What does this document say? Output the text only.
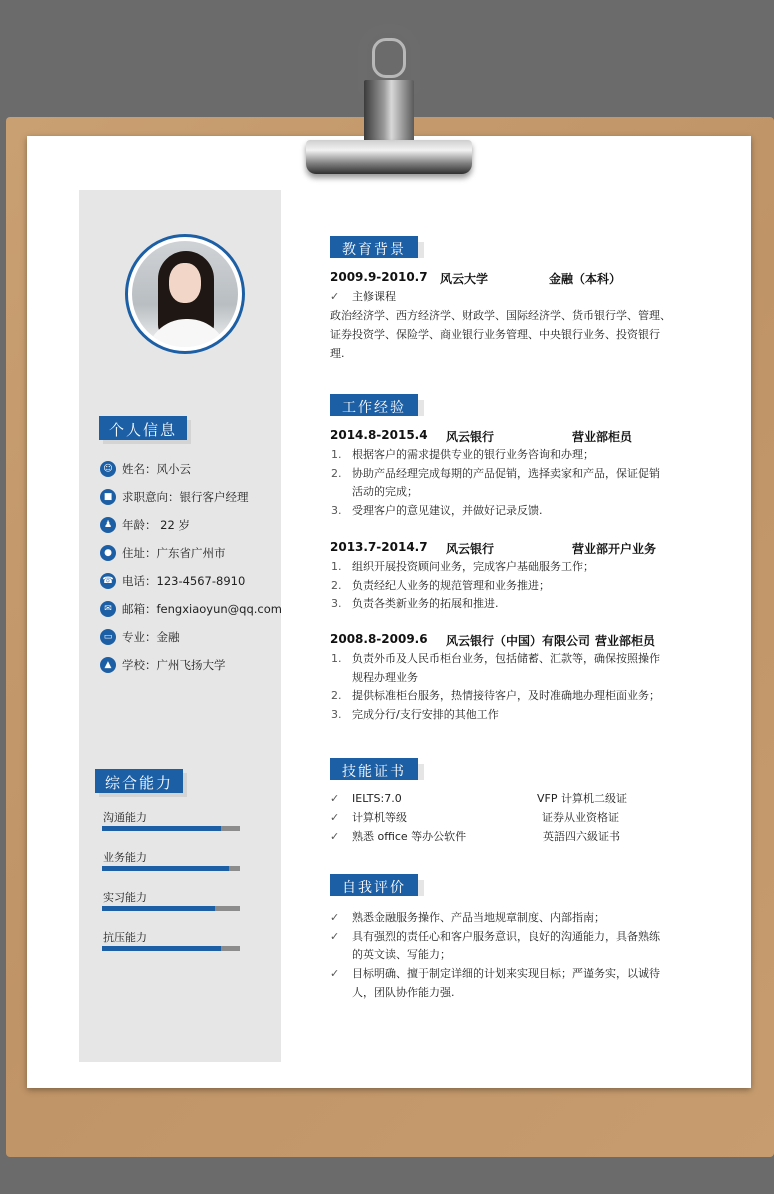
个人信息
☺ 姓名：风小云
■ 求职意向：银行客户经理
♟ 年龄： 22 岁
● 住址：广东省广州市
☎ 电话：123-4567-8910
✉ 邮箱：fengxiaoyun@qq.com
▭ 专业：金融
▲ 学校：广州飞扬大学
综合能力
沟通能力
业务能力
实习能力
抗压能力
教育背景
2009.9-2010.7 风云大学	金融（本科）
✓ 主修课程
政治经济学、西方经济学、财政学、国际经济学、货币银行学、管理、
证券投资学、保险学、商业银行业务管理、中央银行业务、投资银行
理.
工作经验
2014.8-2015.4 风云银行	营业部柜员
1. 根据客户的需求提供专业的银行业务咨询和办理；
2. 协助产品经理完成每期的产品促销，选择卖家和产品，保证促销
活动的完成；
3. 受理客户的意见建议，并做好记录反馈.
2013.7-2014.7 风云银行	营业部开户业务
1. 组织开展投资顾问业务，完成客户基础服务工作；
2. 负责经纪人业务的规范管理和业务推进；
3. 负责各类新业务的拓展和推进.
2008.8-2009.6 风云银行（中国）有限公司 营业部柜员
1. 负责外币及人民币柜台业务，包括储蓄、汇款等，确保按照操作
规程办理业务
2. 提供标准柜台服务，热情接待客户，及时准确地办理柜面业务；
3. 完成分行/支行安排的其他工作
技能证书
✓ IELTS:7.0	VFP 计算机二级证
✓ 计算机等级	证券从业资格证
✓ 熟悉 office 等办公软件	英語四六級证书
自我评价
✓ 熟悉金融服务操作、产品当地规章制度、内部指南；
✓ 具有强烈的责任心和客户服务意识，良好的沟通能力，具备熟练
的英文读、写能力；
✓ 目标明确、擅于制定详细的计划来实现目标；严谨务实，以诚待
人，团队协作能力强.
